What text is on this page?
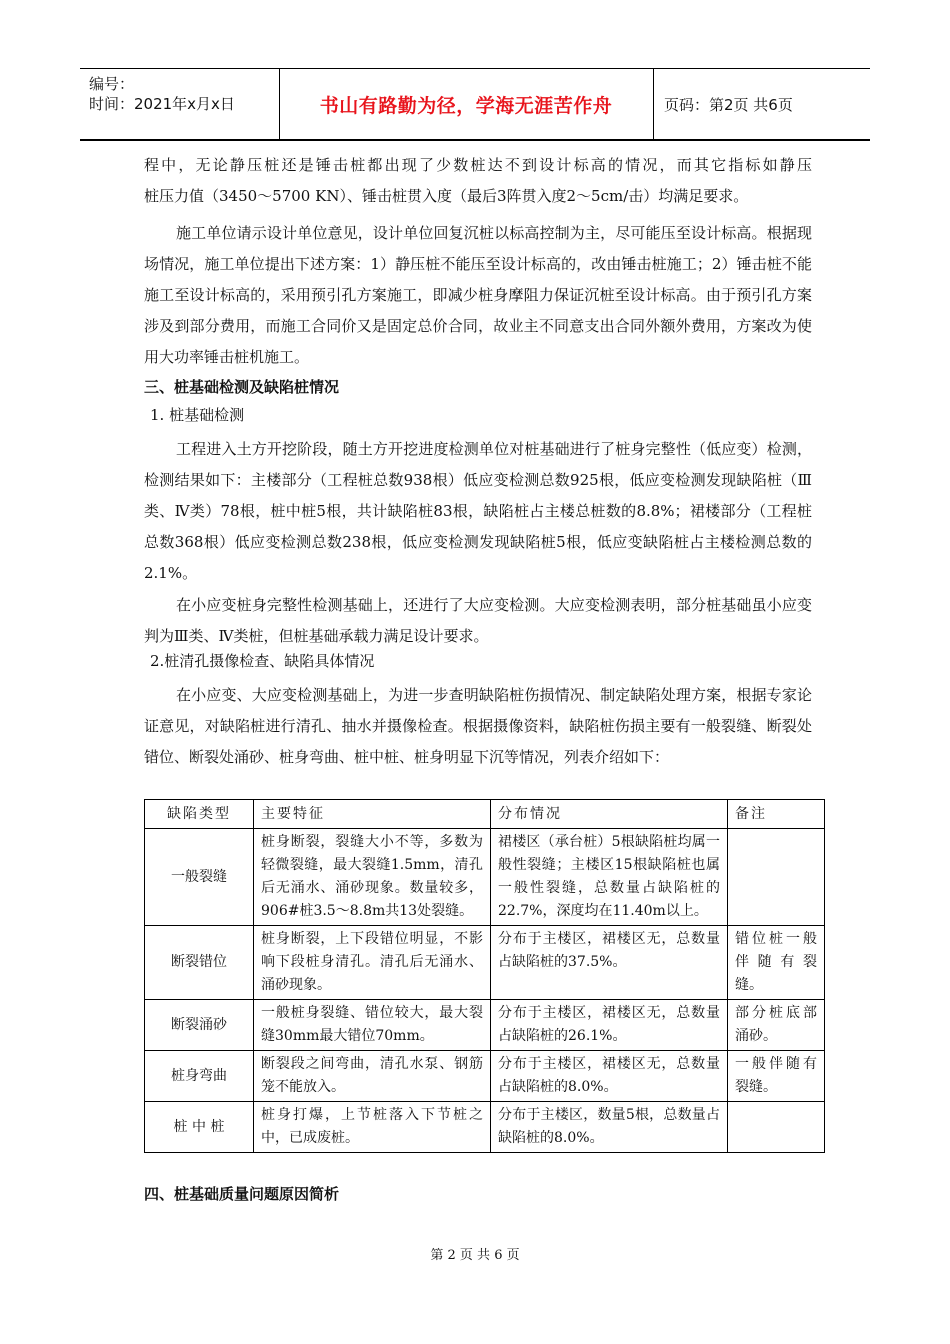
编号：
时间：2021年x月x日	书山有路勤为径，学海无涯苦作舟	页码：第2页 共6页
程中，无论静压桩还是锤击桩都出现了少数桩达不到设计标高的情况，而其它指标如静压
桩压力值（3450～5700 KN）、锤击桩贯入度（最后3阵贯入度2～5cm/击）均满足要求。
施工单位请示设计单位意见，设计单位回复沉桩以标高控制为主，尽可能压至设计标高。根据现场情况，施工单位提出下述方案：1）静压桩不能压至设计标高的，改由锤击桩施工；2）锤击桩不能施工至设计标高的，采用预引孔方案施工，即减少桩身摩阻力保证沉桩至设计标高。由于预引孔方案涉及到部分费用，而施工合同价又是固定总价合同，故业主不同意支出合同外额外费用，方案改为使用大功率锤击桩机施工。
三、桩基础检测及缺陷桩情况
1. 桩基础检测
工程进入土方开挖阶段，随土方开挖进度检测单位对桩基础进行了桩身完整性（低应变）检测，检测结果如下：主楼部分（工程桩总数938根）低应变检测总数925根，低应变检测发现缺陷桩（Ⅲ类、Ⅳ类）78根，桩中桩5根，共计缺陷桩83根，缺陷桩占主楼总桩数的8.8%；裙楼部分（工程桩总数368根）低应变检测总数238根，低应变检测发现缺陷桩5根，低应变缺陷桩占主楼检测总数的2.1%。
在小应变桩身完整性检测基础上，还进行了大应变检测。大应变检测表明，部分桩基础虽小应变判为Ⅲ类、Ⅳ类桩，但桩基础承载力满足设计要求。
2.桩清孔摄像检查、缺陷具体情况
在小应变、大应变检测基础上，为进一步查明缺陷桩伤损情况、制定缺陷处理方案，根据专家论证意见，对缺陷桩进行清孔、抽水并摄像检查。根据摄像资料，缺陷桩伤损主要有一般裂缝、断裂处错位、断裂处涌砂、桩身弯曲、桩中桩、桩身明显下沉等情况，列表介绍如下：
缺陷类型	主要特征	分布情况	备注
一般裂缝	桩身断裂，裂缝大小不等，多数为轻微裂缝，最大裂缝1.5mm，清孔后无涌水、涌砂现象。数量较多，906#桩3.5～8.8m共13处裂缝。	裙楼区（承台桩）5根缺陷桩均属一般性裂缝；主楼区15根缺陷桩也属一般性裂缝，总数量占缺陷桩的22.7%，深度均在11.40m以上。	
断裂错位	桩身断裂，上下段错位明显，不影响下段桩身清孔。清孔后无涌水、涌砂现象。	分布于主楼区，裙楼区无，总数量占缺陷桩的37.5%。	错位桩一般伴随有裂缝。
断裂涌砂	一般桩身裂缝、错位较大，最大裂缝30mm最大错位70mm。	分布于主楼区，裙楼区无，总数量占缺陷桩的26.1%。	部分桩底部涌砂。
桩身弯曲	断裂段之间弯曲，清孔水泵、钢筋笼不能放入。	分布于主楼区，裙楼区无，总数量占缺陷桩的8.0%。	一般伴随有裂缝。
桩 中 桩	桩身打爆，上节桩落入下节桩之中，已成废桩。	分布于主楼区，数量5根，总数量占缺陷桩的8.0%。	
四、桩基础质量问题原因简析
第 2 页 共 6 页
